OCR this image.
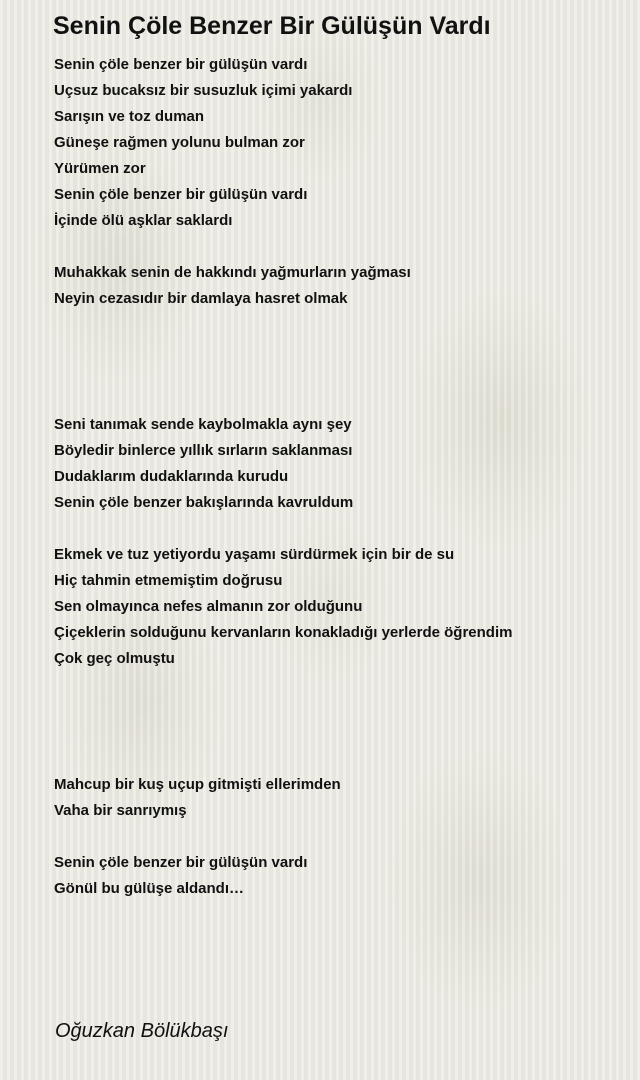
Senin Çöle Benzer Bir Gülüşün Vardı
Senin çöle benzer bir gülüşün vardı
Uçsuz bucaksız bir susuzluk içimi yakardı
Sarışın ve toz duman
Güneşe rağmen yolunu bulman zor
Yürümen zor
Senin çöle benzer bir gülüşün vardı
İçinde ölü aşklar saklardı
Muhakkak senin de hakkındı yağmurların yağması
Neyin cezasıdır bir damlaya hasret olmak
Seni tanımak sende kaybolmakla aynı şey
Böyledir binlerce yıllık sırların saklanması
Dudaklarım dudaklarında kurudu
Senin çöle benzer bakışlarında kavruldum
Ekmek ve tuz yetiyordu yaşamı sürdürmek için bir de su
Hiç tahmin etmemiştim doğrusu
Sen olmayınca nefes almanın zor olduğunu
Çiçeklerin solduğunu kervanların konakladığı yerlerde öğrendim
Çok geç olmuştu
Mahcup bir kuş uçup gitmişti ellerimden
Vaha bir sanrıymış
Senin çöle benzer bir gülüşün vardı
Gönül bu gülüşe aldandı…
Oğuzkan Bölükbaşı
